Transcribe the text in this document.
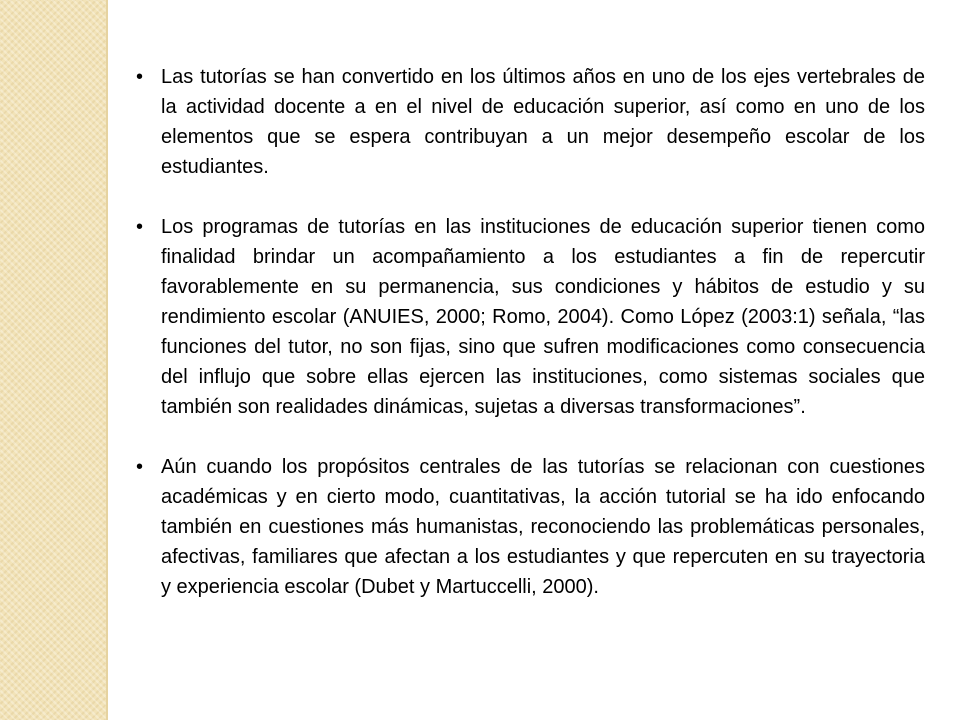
• Las tutorías se han convertido en los últimos años en uno de los ejes vertebrales de la actividad docente a en el nivel de educación superior, así como en uno de los elementos que se espera contribuyan a un mejor desempeño escolar de los estudiantes.
• Los programas de tutorías en las instituciones de educación superior tienen como finalidad brindar un acompañamiento a los estudiantes a fin de repercutir favorablemente en su permanencia, sus condiciones y hábitos de estudio y su rendimiento escolar (ANUIES, 2000; Romo, 2004). Como López (2003:1) señala, “las funciones del tutor, no son fijas, sino que sufren modificaciones como consecuencia del influjo que sobre ellas ejercen las instituciones, como sistemas sociales que también son realidades dinámicas, sujetas a diversas transformaciones”.
• Aún cuando los propósitos centrales de las tutorías se relacionan con cuestiones académicas y en cierto modo, cuantitativas, la acción tutorial se ha ido enfocando también en cuestiones más humanistas, reconociendo las problemáticas personales, afectivas, familiares que afectan a los estudiantes y que repercuten en su trayectoria y experiencia escolar (Dubet y Martuccelli, 2000).
